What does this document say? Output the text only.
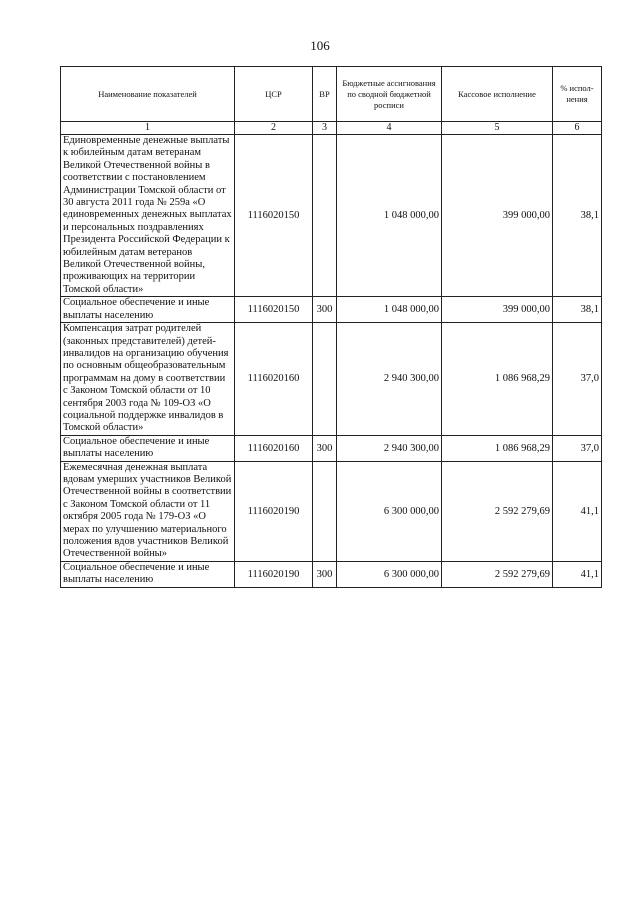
106
Наименование показателей	ЦСР	ВР	Бюджетные ассигнования по сводной бюджетной росписи	Кассовое исполнение	% испол-нения
1	2	3	4	5	6
Единовременные денежные выплаты к юбилейным датам ветеранам Великой Отечественной войны в соответствии с постановлением Администрации Томской области от 30 августа 2011 года № 259а «О единовременных денежных выплатах и персональных поздравлениях Президента Российской Федерации к юбилейным датам ветеранов Великой Отечественной войны, проживающих на территории Томской области»	1116020150		1 048 000,00	399 000,00	38,1
Социальное обеспечение и иные выплаты населению	1116020150	300	1 048 000,00	399 000,00	38,1
Компенсация затрат родителей (законных представителей) детей-инвалидов на организацию обучения по основным общеобразовательным программам на дому в соответствии с Законом Томской области от 10 сентября 2003 года № 109-ОЗ «О социальной поддержке инвалидов в Томской области»	1116020160		2 940 300,00	1 086 968,29	37,0
Социальное обеспечение и иные выплаты населению	1116020160	300	2 940 300,00	1 086 968,29	37,0
Ежемесячная денежная выплата вдовам умерших участников Великой Отечественной войны в соответствии с Законом Томской области от 11 октября 2005 года № 179-ОЗ «О мерах по улучшению материального положения вдов участников Великой Отечественной войны»	1116020190		6 300 000,00	2 592 279,69	41,1
Социальное обеспечение и иные выплаты населению	1116020190	300	6 300 000,00	2 592 279,69	41,1
